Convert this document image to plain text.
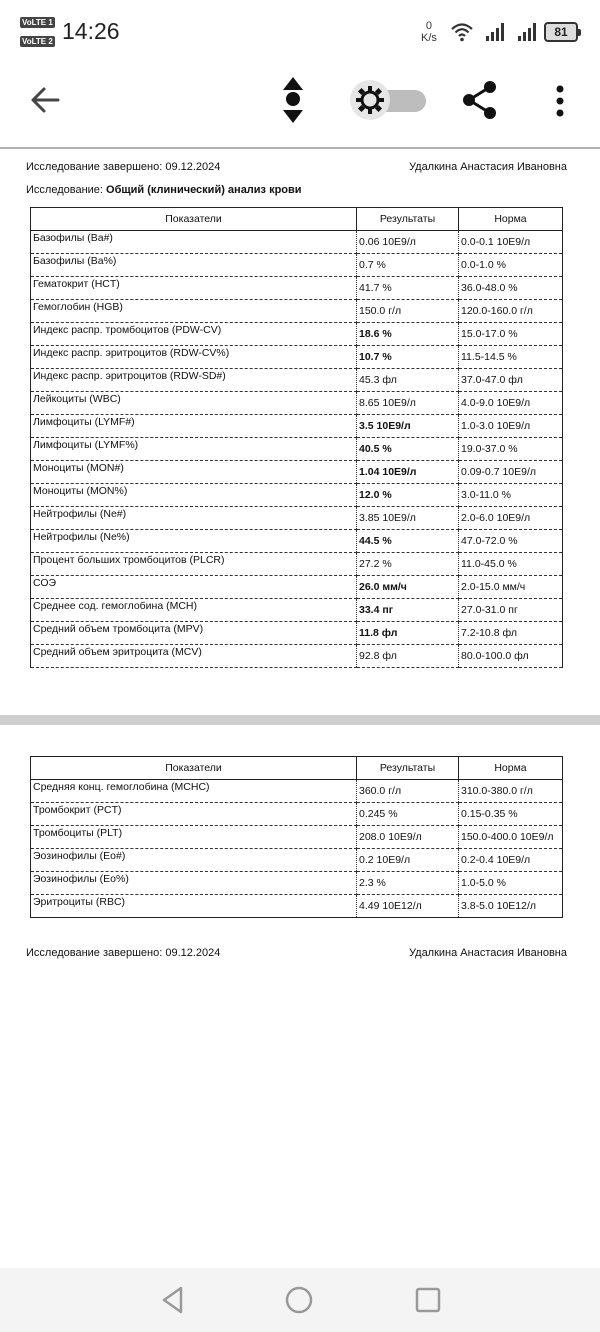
VoLTE 1
VoLTE 2 14:26	0
K/s	81
Исследование завершено: 09.12.2024	Удалкина Анастасия Ивановна
Исследование: Общий (клинический) анализ крови
Показатели	Результаты	Норма
Базофилы (Ba#)	0.06 10E9/л	0.0-0.1 10E9/л
Базофилы (Ba%)	0.7 %	0.0-1.0 %
Гематокрит (HCT)	41.7 %	36.0-48.0 %
Гемоглобин (HGB)	150.0 г/л	120.0-160.0 г/л
Индекс распр. тромбоцитов (PDW-CV)	18.6 %	15.0-17.0 %
Индекс распр. эритроцитов (RDW-CV%)	10.7 %	11.5-14.5 %
Индекс распр. эритроцитов (RDW-SD#)	45.3 фл	37.0-47.0 фл
Лейкоциты (WBC)	8.65 10E9/л	4.0-9.0 10E9/л
Лимфоциты (LYMF#)	3.5 10E9/л	1.0-3.0 10E9/л
Лимфоциты (LYMF%)	40.5 %	19.0-37.0 %
Моноциты (MON#)	1.04 10E9/л	0.09-0.7 10E9/л
Моноциты (MON%)	12.0 %	3.0-11.0 %
Нейтрофилы (Ne#)	3.85 10E9/л	2.0-6.0 10E9/л
Нейтрофилы (Ne%)	44.5 %	47.0-72.0 %
Процент больших тромбоцитов (PLCR)	27.2 %	11.0-45.0 %
СОЭ	26.0 мм/ч	2.0-15.0 мм/ч
Среднее сод. гемоглобина (MCH)	33.4 пг	27.0-31.0 пг
Средний объем тромбоцита (MPV)	11.8 фл	7.2-10.8 фл
Средний объем эритроцита (MCV)	92.8 фл	80.0-100.0 фл
Показатели	Результаты	Норма
Средняя конц. гемоглобина (MCHC)	360.0 г/л	310.0-380.0 г/л
Тромбокрит (PCT)	0.245 %	0.15-0.35 %
Тромбоциты (PLT)	208.0 10E9/л	150.0-400.0 10E9/л
Эозинофилы (Eo#)	0.2 10E9/л	0.2-0.4 10E9/л
Эозинофилы (Eo%)	2.3 %	1.0-5.0 %
Эритроциты (RBC)	4.49 10E12/л	3.8-5.0 10E12/л
Исследование завершено: 09.12.2024	Удалкина Анастасия Ивановна
